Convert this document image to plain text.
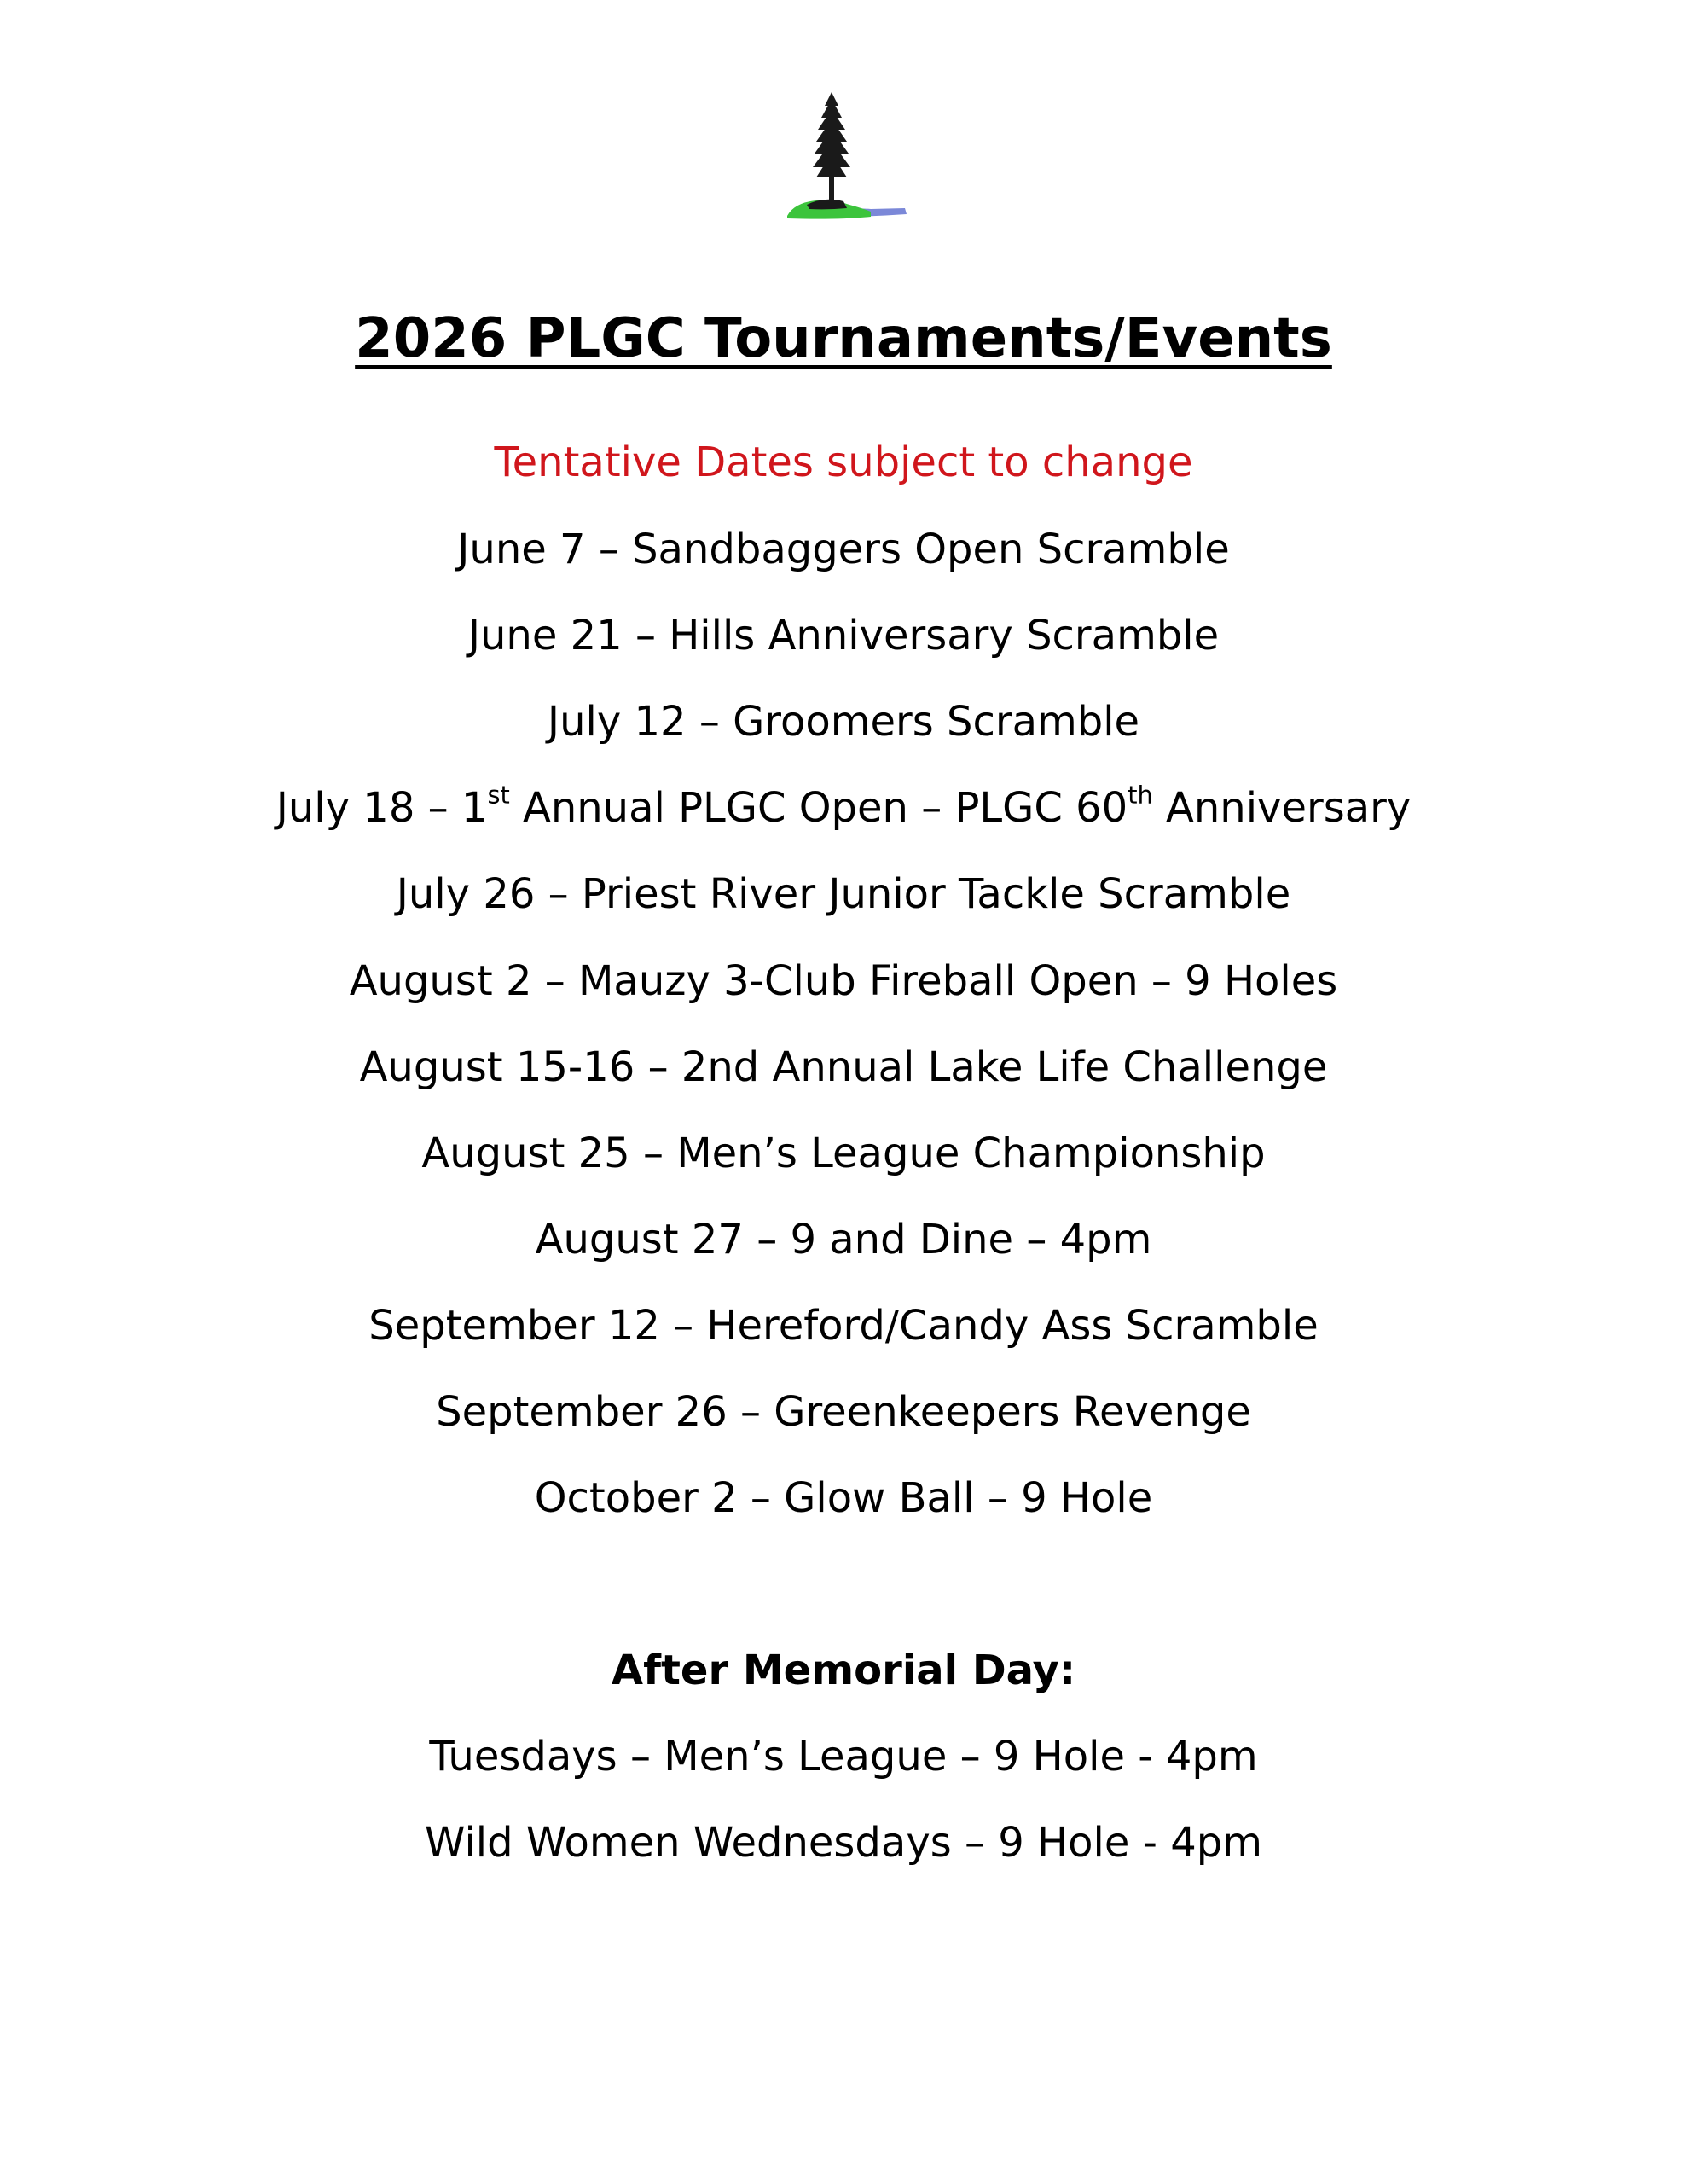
2026 PLGC Tournaments/Events
Tentative Dates subject to change
June 7 – Sandbaggers Open Scramble
June 21 – Hills Anniversary Scramble
July 12 – Groomers Scramble
July 18 – 1st Annual PLGC Open – PLGC 60th Anniversary
July 26 – Priest River Junior Tackle Scramble
August 2 – Mauzy 3-Club Fireball Open – 9 Holes
August 15-16 – 2nd Annual Lake Life Challenge
August 25 – Men’s League Championship
August 27 – 9 and Dine – 4pm
September 12 – Hereford/Candy Ass Scramble
September 26 – Greenkeepers Revenge
October 2 – Glow Ball – 9 Hole
After Memorial Day:
Tuesdays – Men’s League – 9 Hole - 4pm
Wild Women Wednesdays – 9 Hole - 4pm
